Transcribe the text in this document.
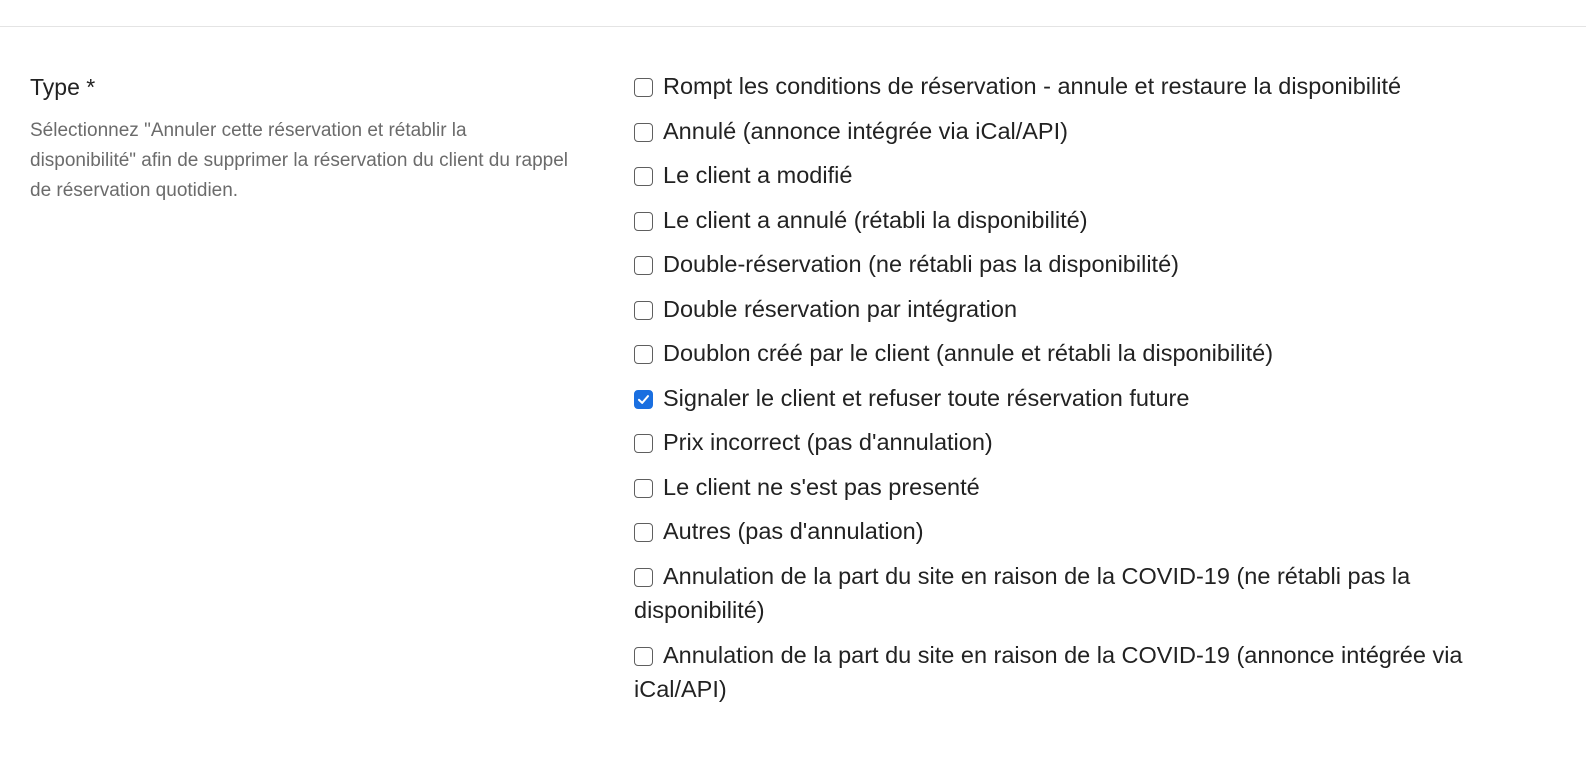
Type *
Sélectionnez "Annuler cette réservation et rétablir la disponibilité" afin de supprimer la réservation du client du rappel de réservation quotidien.
Rompt les conditions de réservation - annule et restaure la disponibilité
Annulé (annonce intégrée via iCal/API)
Le client a modifié
Le client a annulé (rétabli la disponibilité)
Double-réservation (ne rétabli pas la disponibilité)
Double réservation par intégration
Doublon créé par le client (annule et rétabli la disponibilité)
Signaler le client et refuser toute réservation future
Prix incorrect (pas d'annulation)
Le client ne s'est pas presenté
Autres (pas d'annulation)
Annulation de la part du site en raison de la COVID-19 (ne rétabli pas la disponibilité)
Annulation de la part du site en raison de la COVID-19 (annonce intégrée via iCal/API)
